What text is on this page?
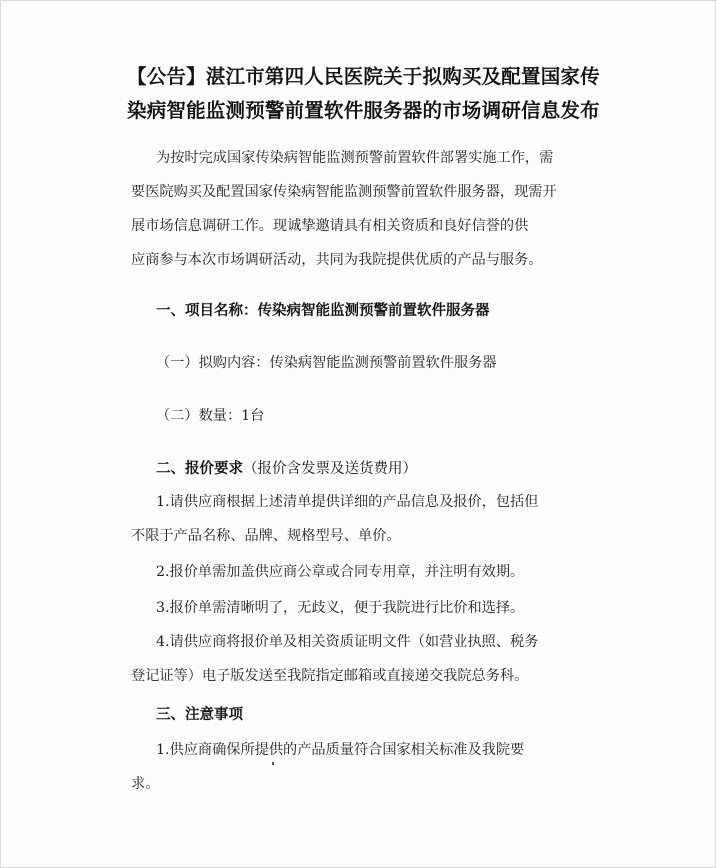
【公告】湛江市第四人民医院关于拟购买及配置国家传
染病智能监测预警前置软件服务器的市场调研信息发布
为按时完成国家传染病智能监测预警前置软件部署实施工作，需
要医院购买及配置国家传染病智能监测预警前置软件服务器，现需开
展市场信息调研工作。现诚挚邀请具有相关资质和良好信誉的供
应商参与本次市场调研活动，共同为我院提供优质的产品与服务。
一、项目名称：传染病智能监测预警前置软件服务器
（一）拟购内容：传染病智能监测预警前置软件服务器
（二）数量：1台
二、报价要求（报价含发票及送货费用）
1.请供应商根据上述清单提供详细的产品信息及报价，包括但
不限于产品名称、品牌、规格型号、单价。
2.报价单需加盖供应商公章或合同专用章，并注明有效期。
3.报价单需清晰明了，无歧义，便于我院进行比价和选择。
4.请供应商将报价单及相关资质证明文件（如营业执照、税务
登记证等）电子版发送至我院指定邮箱或直接递交我院总务科。
三、注意事项
1.供应商确保所提供的产品质量符合国家相关标准及我院要
求。
